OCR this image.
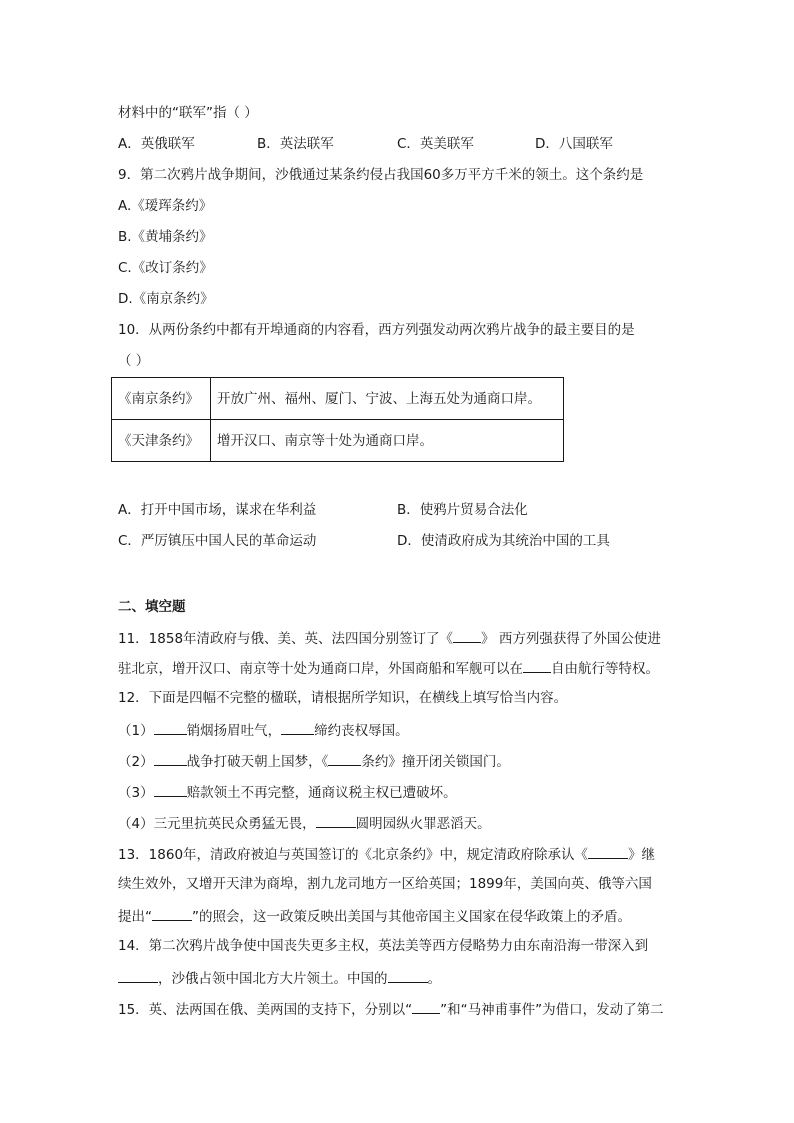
材料中的“联军”指（ ）
A．英俄联军	B．英法联军	C．英美联军	D．八国联军
9．第二次鸦片战争期间，沙俄通过某条约侵占我国60多万平方千米的领土。这个条约是
A.《瑷珲条约》
B.《黄埔条约》
C.《改订条约》
D.《南京条约》
10．从两份条约中都有开埠通商的内容看，西方列强发动两次鸦片战争的最主要目的是
（ ）
《南京条约》	开放广州、福州、厦门、宁波、上海五处为通商口岸。
《天津条约》	增开汉口、南京等十处为通商口岸。
A．打开中国市场，谋求在华利益	B．使鸦片贸易合法化
C．严厉镇压中国人民的革命运动	D．使清政府成为其统治中国的工具
二、填空题
11．1858年清政府与俄、美、英、法四国分别签订了《 》 西方列强获得了外国公使进
驻北京，增开汉口、南京等十处为通商口岸，外国商船和军舰可以在 自由航行等特权。
12．下面是四幅不完整的楹联，请根据所学知识，在横线上填写恰当内容。
（1） 销烟扬眉吐气， 缔约丧权辱国。
（2） 战争打破天朝上国梦，《 条约》撞开闭关锁国门。
（3） 赔款领土不再完整，通商议税主权已遭破坏。
（4）三元里抗英民众勇猛无畏，	圆明园纵火罪恶滔天。
13．1860年，清政府被迫与英国签订的《北京条约》中，规定清政府除承认《	》继
续生效外，又增开天津为商埠，割九龙司地方一区给英国；1899年，美国向英、俄等六国
提出“	”的照会，这一政策反映出美国与其他帝国主义国家在侵华政策上的矛盾。
14．第二次鸦片战争使中国丧失更多主权，英法美等西方侵略势力由东南沿海一带深入到
，沙俄占领中国北方大片领土。中国的	。
15．英、法两国在俄、美两国的支持下，分别以“ ”和“马神甫事件”为借口，发动了第二
